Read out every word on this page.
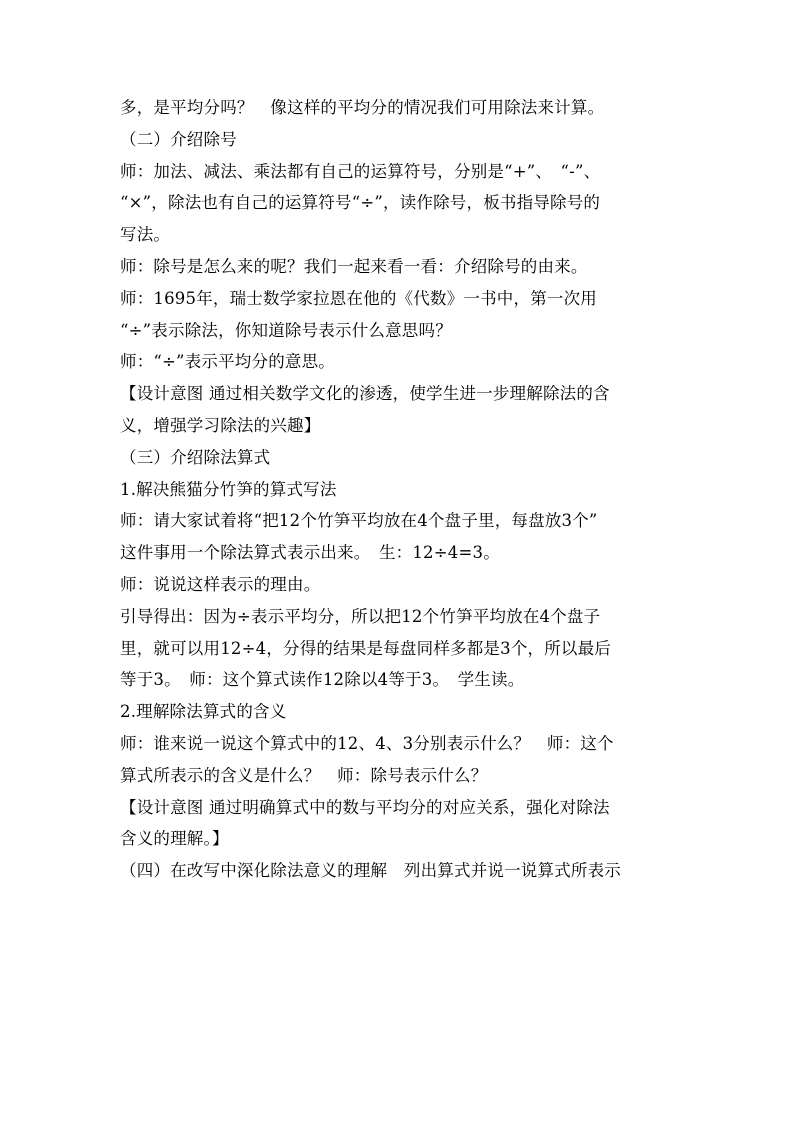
多，是平均分吗？　像这样的平均分的情况我们可用除法来计算。
（二）介绍除号
师：加法、减法、乘法都有自己的运算符号，分别是“+”、　“-”、
“×”，除法也有自己的运算符号“÷”，读作除号，板书指导除号的
写法。
师：除号是怎么来的呢？我们一起来看一看：介绍除号的由来。
师：1695年，瑞士数学家拉恩在他的《代数》一书中，第一次用
“÷”表示除法，你知道除号表示什么意思吗？
师：“÷”表示平均分的意思。
【设计意图 通过相关数学文化的渗透，使学生进一步理解除法的含
义，增强学习除法的兴趣】
（三）介绍除法算式
1.解决熊猫分竹笋的算式写法
师：请大家试着将“把12个竹笋平均放在4个盘子里，每盘放3个”
这件事用一个除法算式表示出来。　生：12÷4=3。
师：说说这样表示的理由。
引导得出：因为÷表示平均分，所以把12个竹笋平均放在4个盘子
里，就可以用12÷4，分得的结果是每盘同样多都是3个，所以最后
等于3。　师：这个算式读作12除以4等于3。　学生读。
2.理解除法算式的含义
师：谁来说一说这个算式中的12、4、3分别表示什么？　师：这个
算式所表示的含义是什么？　师：除号表示什么？
【设计意图 通过明确算式中的数与平均分的对应关系，强化对除法
含义的理解。】
（四）在改写中深化除法意义的理解　列出算式并说一说算式所表示
